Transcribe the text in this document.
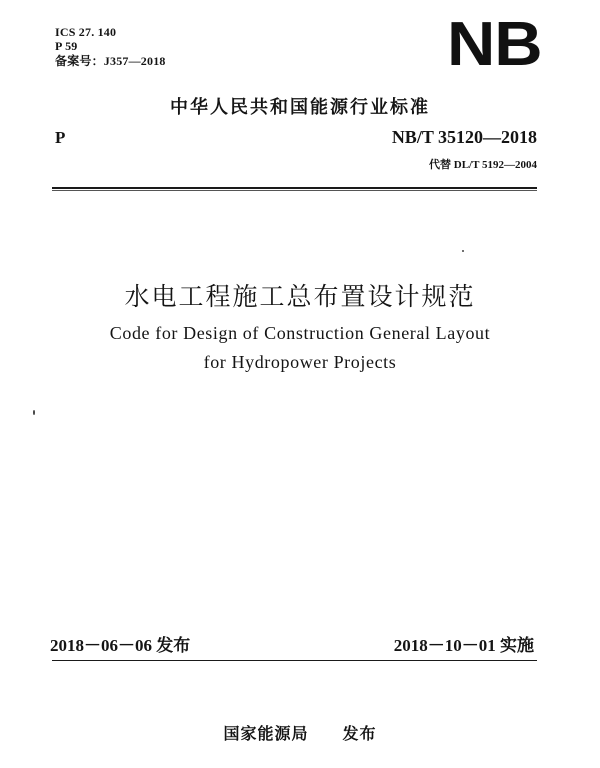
ICS 27. 140
P 59
备案号：J357—2018	NB
中华人民共和国能源行业标准
P	NB/T 35120—2018
代替 DL/T 5192—2004
水电工程施工总布置设计规范
Code for Design of Construction General Layout
for Hydropower Projects
2018－06－06 发布	2018－10－01 实施
国家能源局　　发布
